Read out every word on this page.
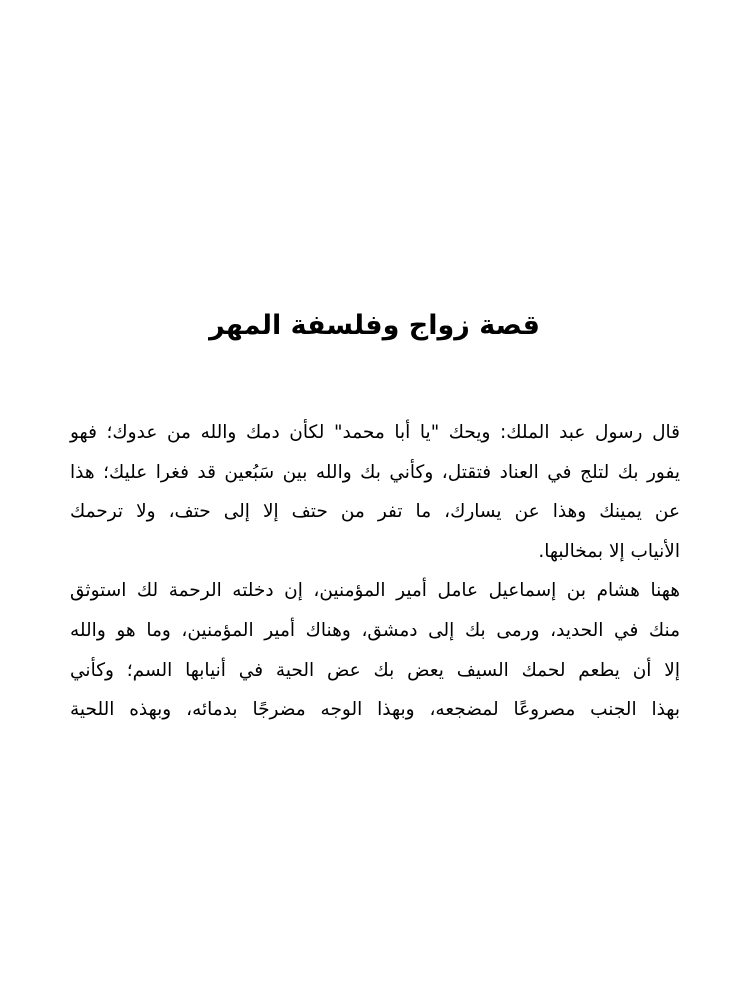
قصة زواج وفلسفة المهر

قال رسول عبد الملك: ويحك "يا أبا محمد" لكأن دمك والله من عدوك؛ فهو
يفور بك لتلج في العناد فتقتل، وكأني بك والله بين سَبُعين قد فغرا عليك؛ هذا
عن يمينك وهذا عن يسارك، ما تفر من حتف إلا إلى حتف، ولا ترحمك
الأنياب إلا بمخالبها.

ههنا هشام بن إسماعيل عامل أمير المؤمنين، إن دخلته الرحمة لك استوثق
منك في الحديد، ورمى بك إلى دمشق، وهناك أمير المؤمنين، وما هو والله
إلا أن يطعم لحمك السيف يعض بك عض الحية في أنيابها السم؛ وكأني
بهذا الجنب مصروعًا لمضجعه، وبهذا الوجه مضرجًا بدمائه، وبهذه اللحية
